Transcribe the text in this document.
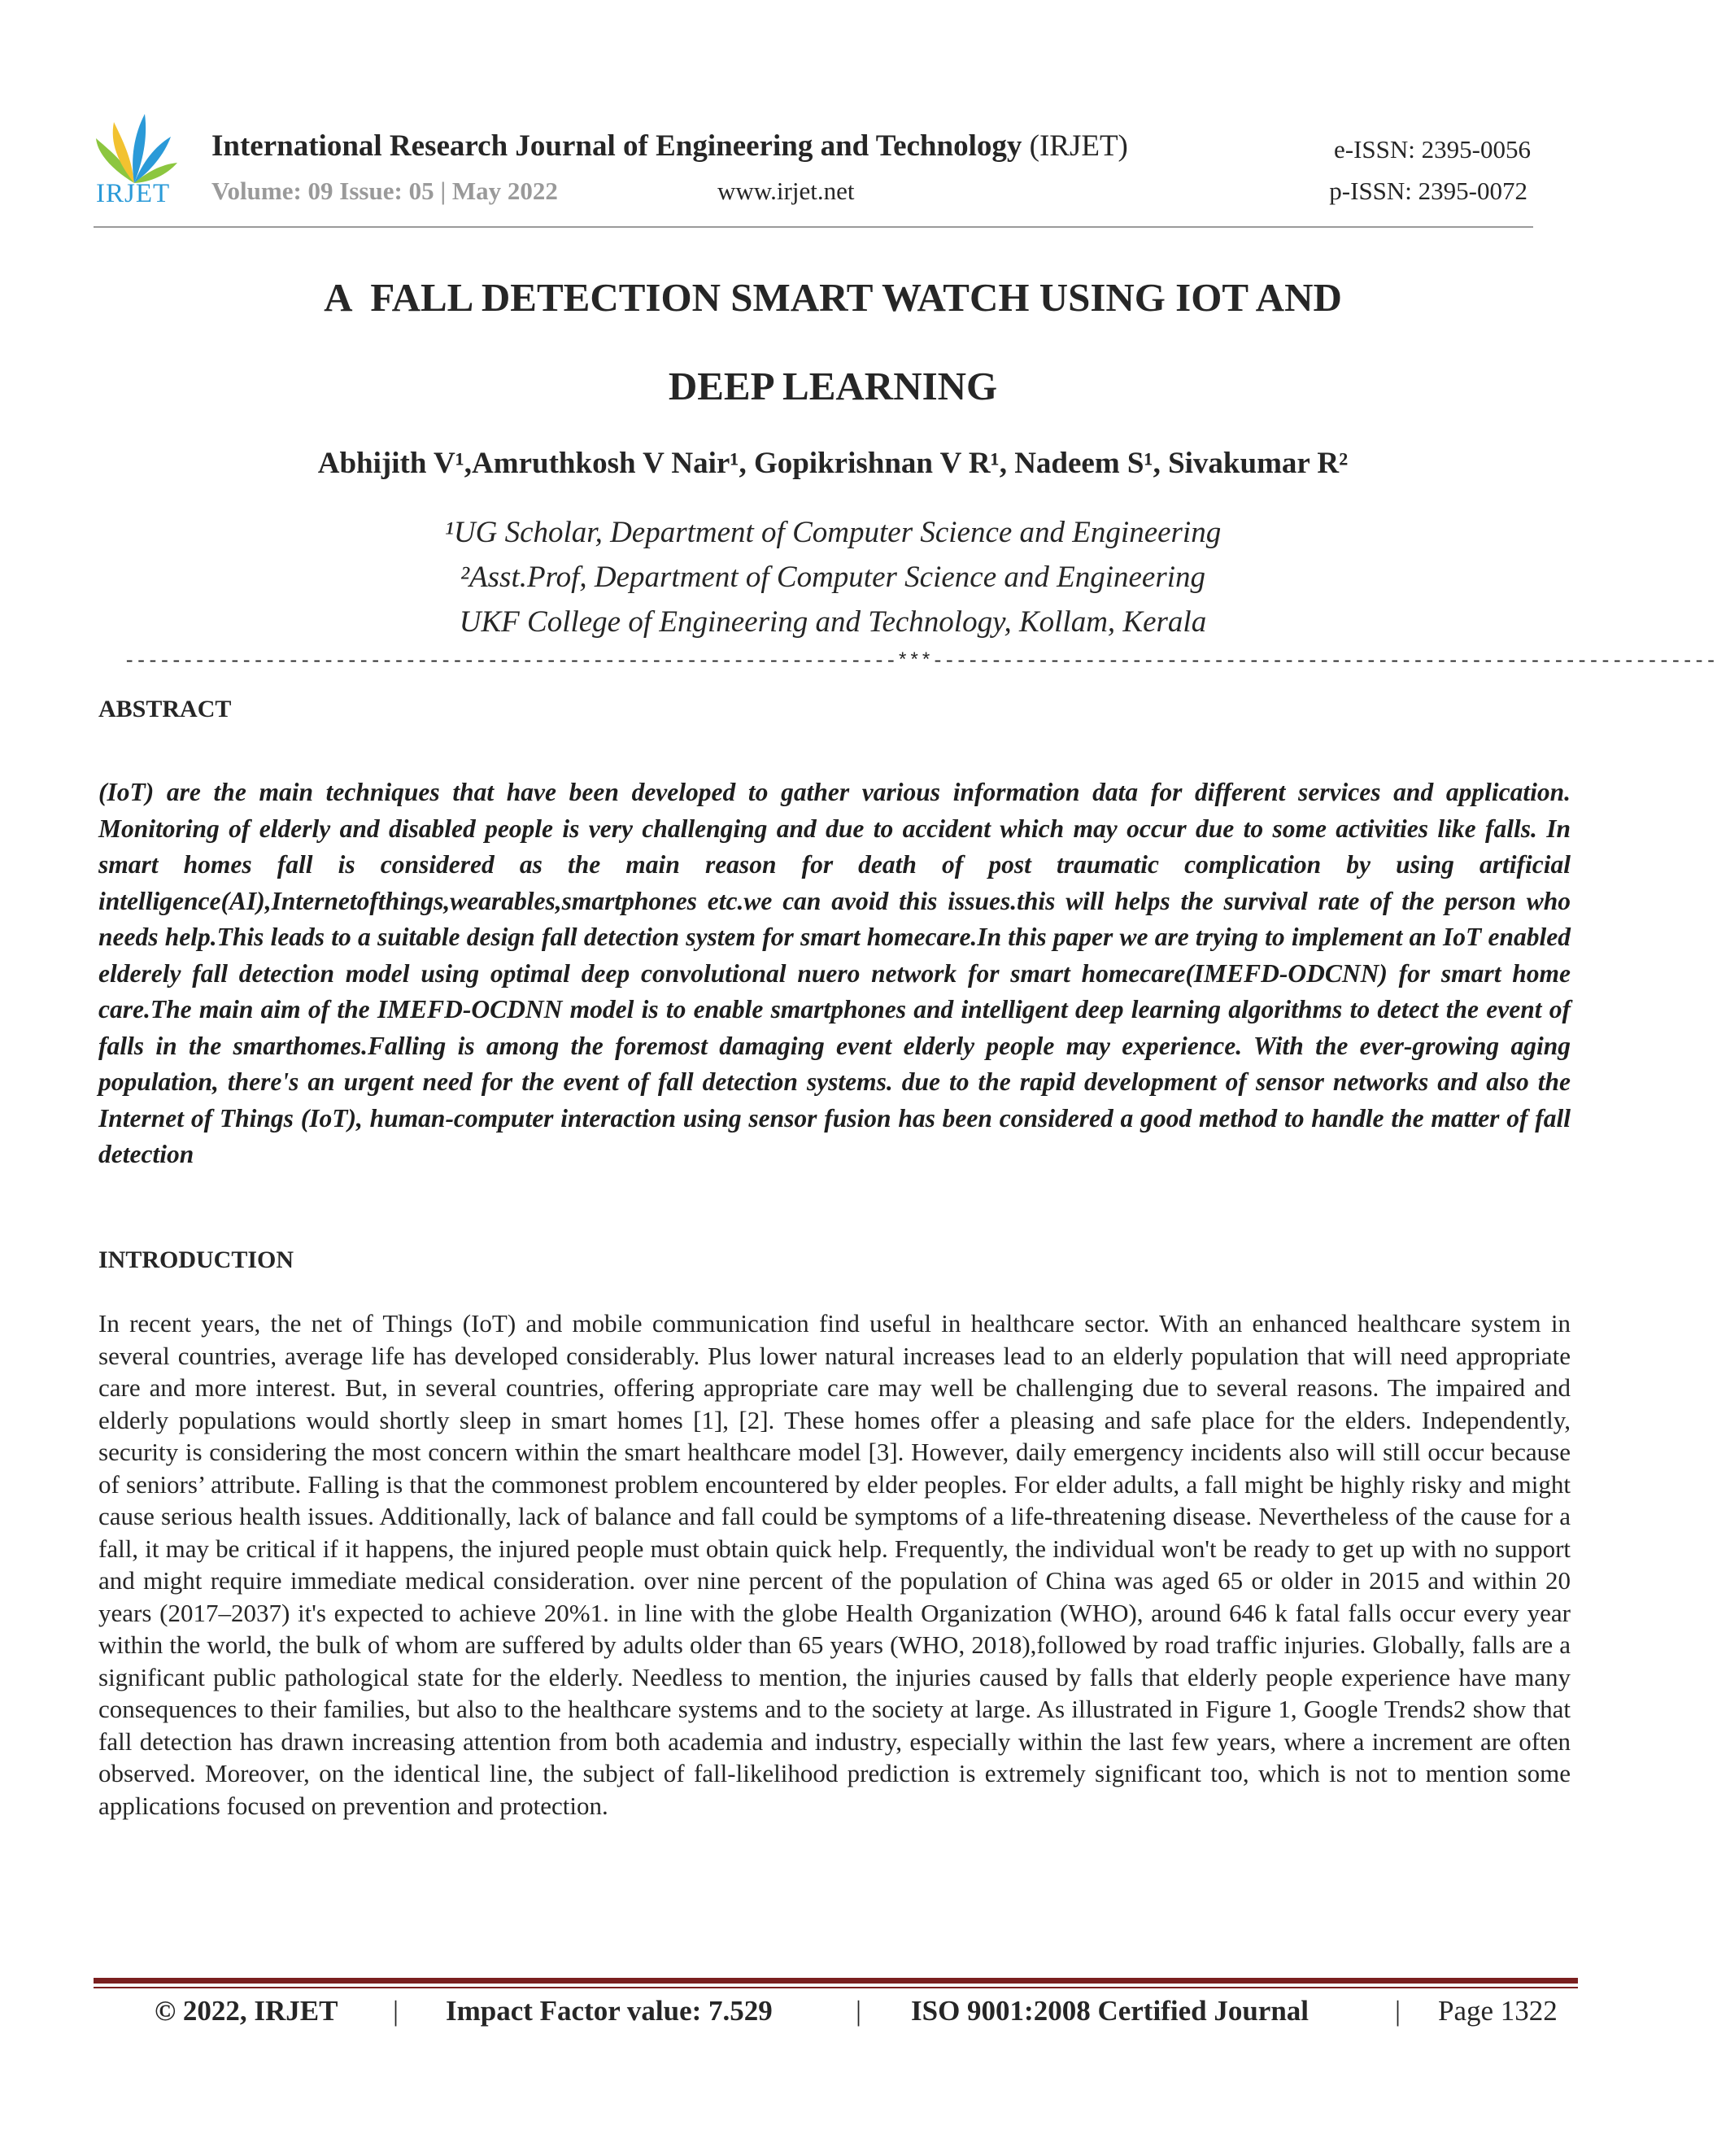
IRJET
International Research Journal of Engineering and Technology (IRJET)
Volume: 09 Issue: 05 | May 2022	www.irjet.net
e-ISSN: 2395-0056
p-ISSN: 2395-0072
A  FALL DETECTION SMART WATCH USING IOT AND
DEEP LEARNING
Abhijith V¹,Amruthkosh V Nair¹, Gopikrishnan V R¹, Nadeem S¹, Sivakumar R²
¹UG Scholar, Department of Computer Science and Engineering
²Asst.Prof, Department of Computer Science and Engineering
UKF College of Engineering and Technology, Kollam, Kerala
------------------------------------------------------------------***-------------------------------------------------------------------
ABSTRACT
(IoT) are the main techniques that have been developed to gather various information data for different services and application. Monitoring of elderly and disabled people is very challenging and due to accident which may occur due to some activities like falls. In smart homes fall is considered as the main reason for death of post traumatic complication by using artificial intelligence(AI),Internetofthings,wearables,smartphones etc.we can avoid this issues.this will helps the survival rate of the person who needs help.This leads to a suitable design fall detection system for smart homecare.In this paper we are trying to implement an IoT enabled elderely fall detection model using optimal deep convolutional nuero network for smart homecare(IMEFD-ODCNN) for smart home care.The main aim of the IMEFD-OCDNN model is to enable smartphones and intelligent deep learning algorithms to detect the event of falls in the smarthomes.Falling is among the foremost damaging event elderly people may experience. With the ever-growing aging population, there's an urgent need for the event of fall detection systems. due to the rapid development of sensor networks and also the Internet of Things (IoT), human-computer interaction using sensor fusion has been considered a good method to handle the matter of fall detection
INTRODUCTION
In recent years, the net of Things (IoT) and mobile communication find useful in healthcare sector. With an enhanced healthcare system in several countries, average life has developed considerably. Plus lower natural increases lead to an elderly population that will need appropriate care and more interest. But, in several countries, offering appropriate care may well be challenging due to several reasons. The impaired and elderly populations would shortly sleep in smart homes [1], [2]. These homes offer a pleasing and safe place for the elders. Independently, security is considering the most concern within the smart healthcare model [3]. However, daily emergency incidents also will still occur because of seniors’ attribute. Falling is that the commonest problem encountered by elder peoples. For elder adults, a fall might be highly risky and might cause serious health issues. Additionally, lack of balance and fall could be symptoms of a life-threatening disease. Nevertheless of the cause for a fall, it may be critical if it happens, the injured people must obtain quick help. Frequently, the individual won't be ready to get up with no support and might require immediate medical consideration. over nine percent of the population of China was aged 65 or older in 2015 and within 20 years (2017–2037) it's expected to achieve 20%1. in line with the globe Health Organization (WHO), around 646 k fatal falls occur every year within the world, the bulk of whom are suffered by adults older than 65 years (WHO, 2018),followed by road traffic injuries. Globally, falls are a significant public pathological state for the elderly. Needless to mention, the injuries caused by falls that elderly people experience have many consequences to their families, but also to the healthcare systems and to the society at large. As illustrated in Figure 1, Google Trends2 show that fall detection has drawn increasing attention from both academia and industry, especially within the last few years, where a increment are often observed. Moreover, on the identical line, the subject of fall-likelihood prediction is extremely significant too, which is not to mention some applications focused on prevention and protection.
© 2022, IRJET | Impact Factor value: 7.529	| ISO 9001:2008 Certified Journal	| Page 1322
